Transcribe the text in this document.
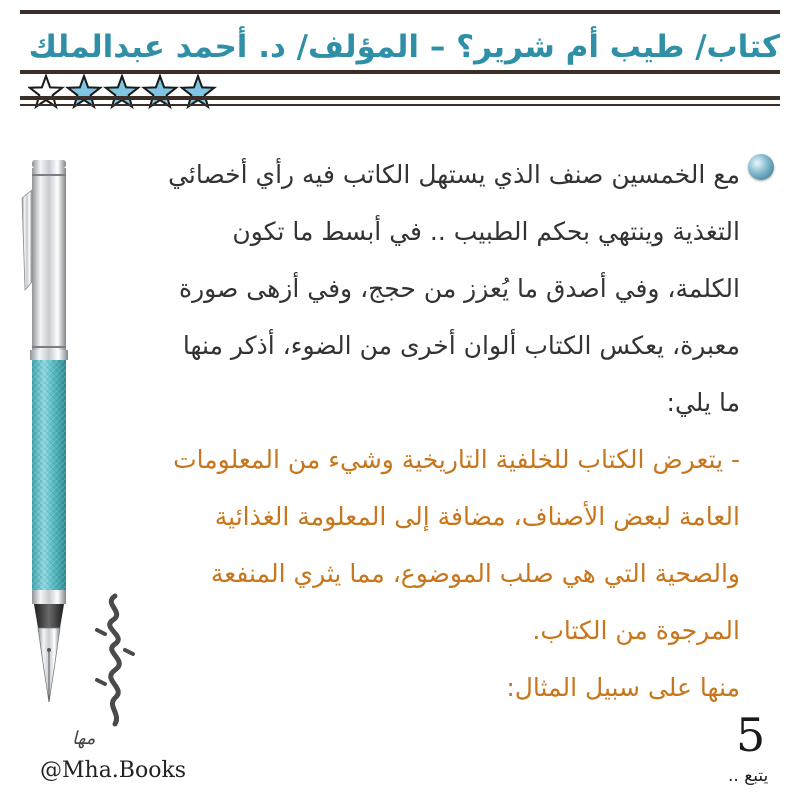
كتاب/ طيب أم شرير؟ – المؤلف/ د. أحمد عبدالملك
مها
@Mha.Books

مع الخمسين صنف الذي يستهل الكاتب فيه رأي أخصائي التغذية وينتهي بحكم الطبيب .. في أبسط ما تكون الكلمة، وفي أصدق ما يُعزز من حجج، وفي أزهى صورة معبرة، يعكس الكتاب ألوان أخرى من الضوء، أذكر منها ما يلي:

- يتعرض الكتاب للخلفية التاريخية وشيء من المعلومات العامة لبعض الأصناف، مضافة إلى المعلومة الغذائية والصحية التي هي صلب الموضوع، مما يثري المنفعة المرجوة من الكتاب.

منها على سبيل المثال:

5
يتبع ..
